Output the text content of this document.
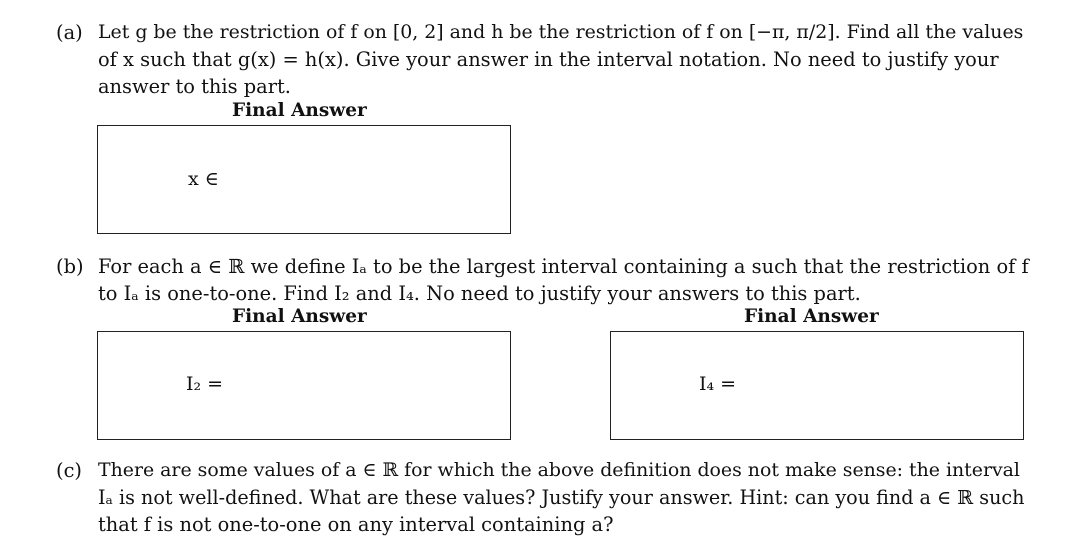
(a) Let g be the restriction of f on [0, 2] and h be the restriction of f on [−π, π/2]. Find all the values
of x such that g(x) = h(x). Give your answer in the interval notation. No need to justify your
answer to this part.
Final Answer
x ∈
(b) For each a ∈ ℝ we define Iₐ to be the largest interval containing a such that the restriction of f
to Iₐ is one-to-one. Find I₂ and I₄. No need to justify your answers to this part.
Final Answer	Final Answer
I₂ =	I₄ =
(c) There are some values of a ∈ ℝ for which the above definition does not make sense: the interval
Iₐ is not well-defined. What are these values? Justify your answer. Hint: can you find a ∈ ℝ such
that f is not one-to-one on any interval containing a?
